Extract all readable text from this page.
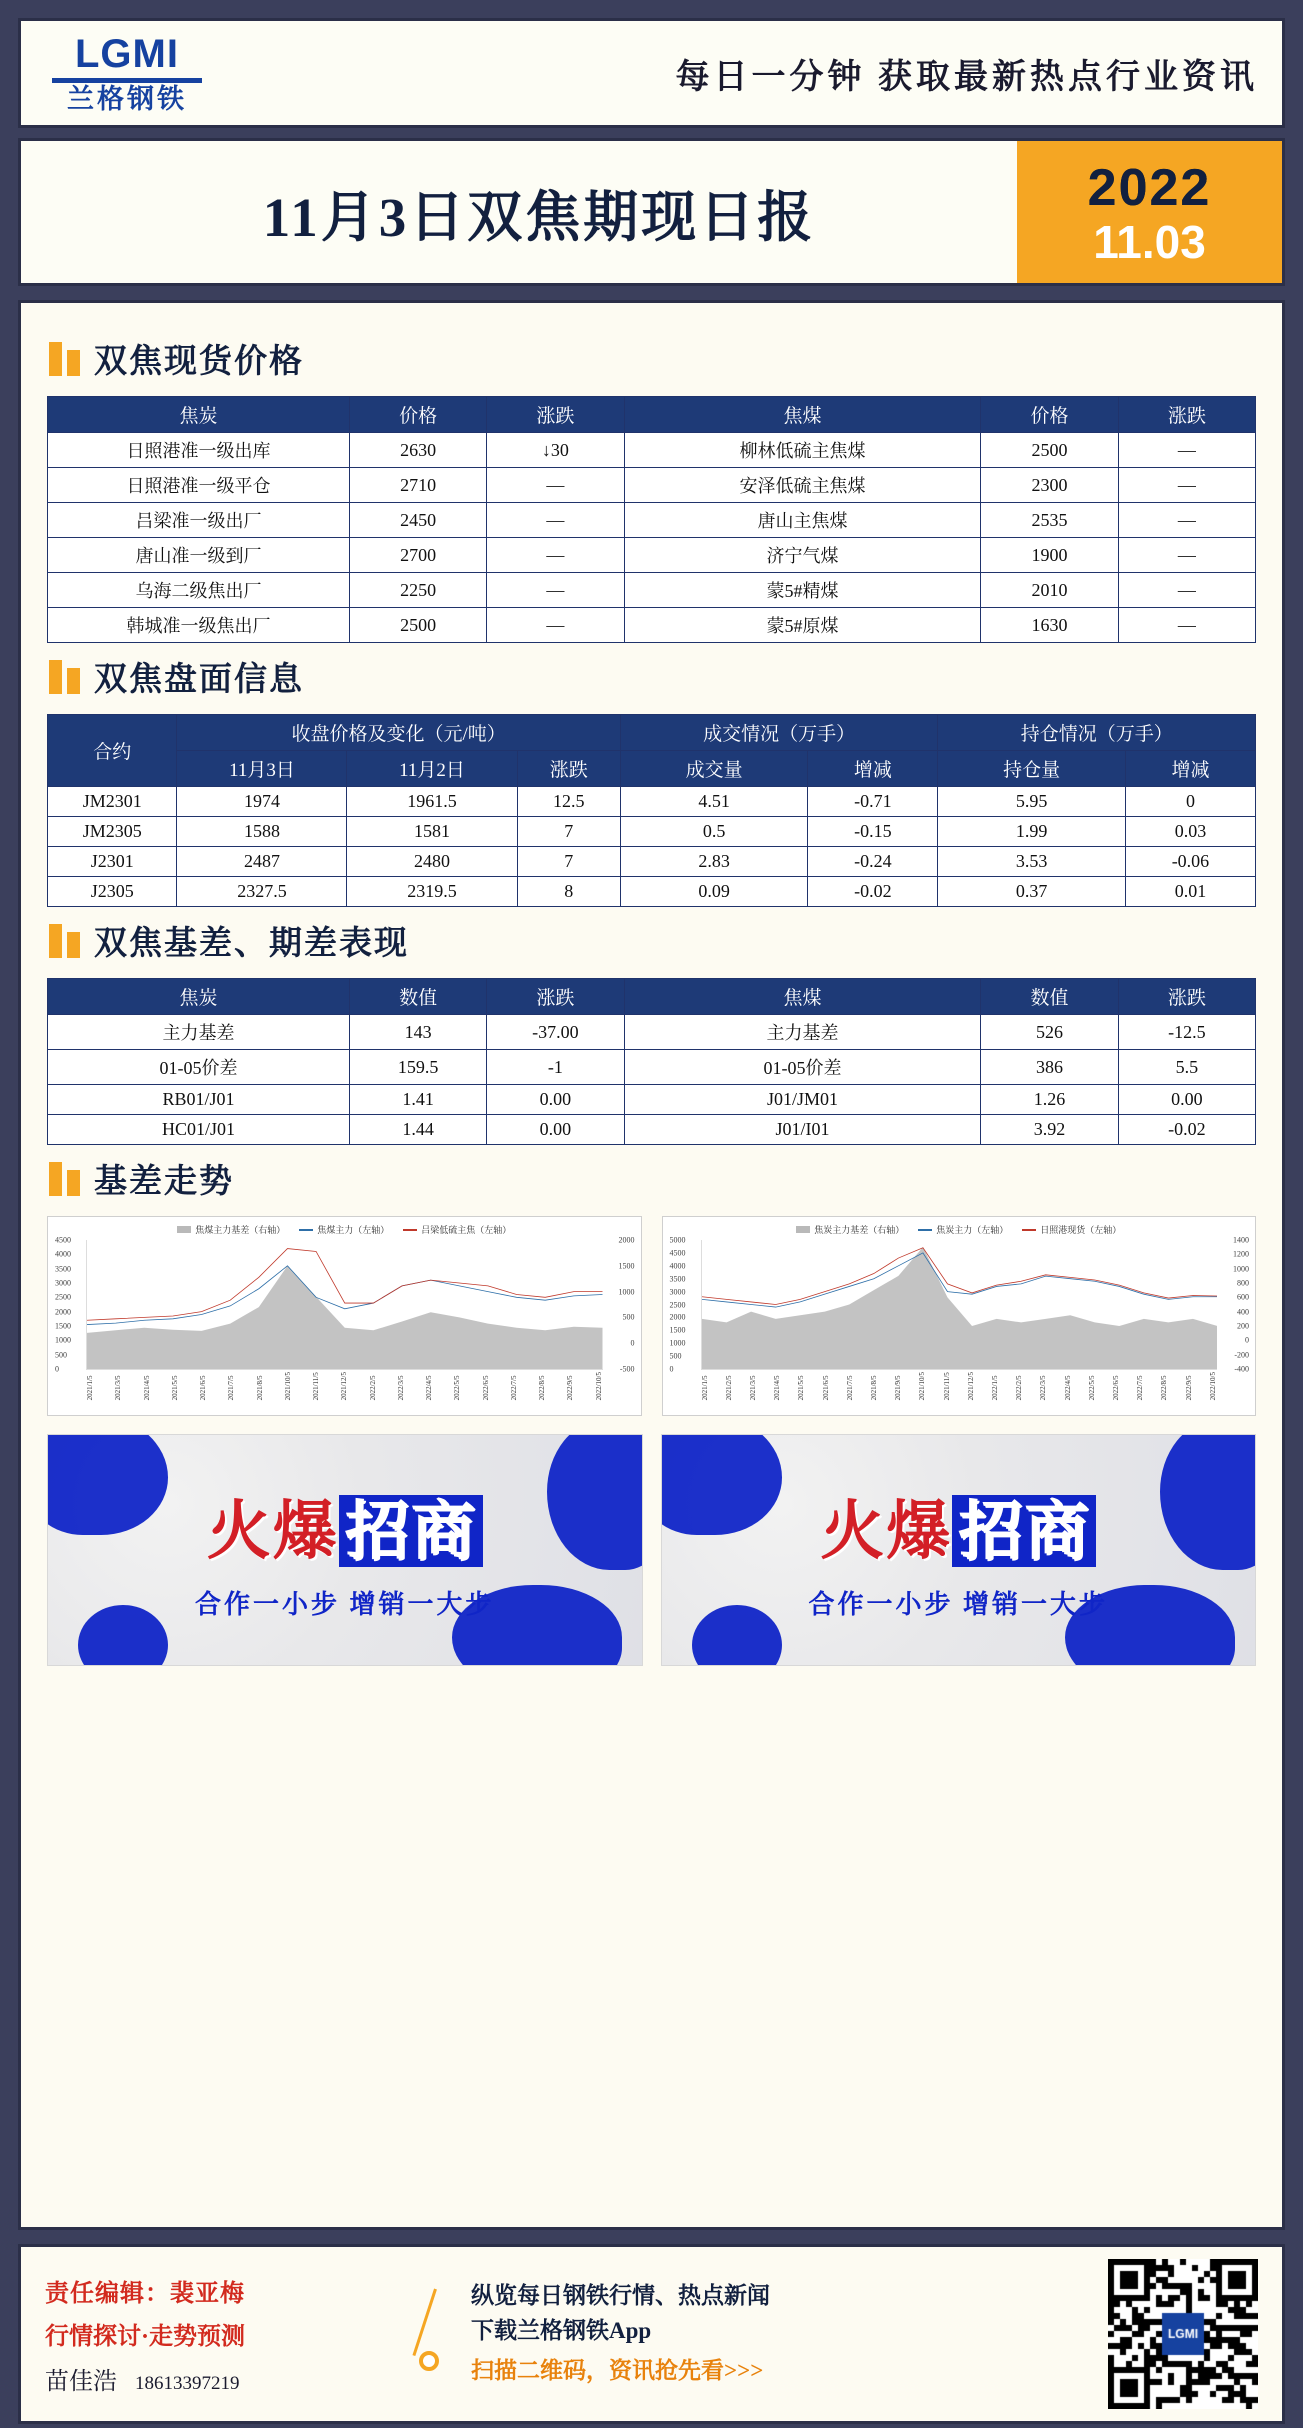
LGMI
兰格钢铁
每日一分钟 获取最新热点行业资讯
11月3日双焦期现日报	2022
11.03
双焦现货价格
焦炭	价格	涨跌	焦煤	价格	涨跌
日照港准一级出库	2630	↓30	柳林低硫主焦煤	2500	—
日照港准一级平仓	2710	—	安泽低硫主焦煤	2300	—
吕梁准一级出厂	2450	—	唐山主焦煤	2535	—
唐山准一级到厂	2700	—	济宁气煤	1900	—
乌海二级焦出厂	2250	—	蒙5#精煤	2010	—
韩城准一级焦出厂	2500	—	蒙5#原煤	1630	—
双焦盘面信息
合约	收盘价格及变化（元/吨）			成交情况（万手）		持仓情况（万手）	
	11月3日	11月2日	涨跌	成交量	增减	持仓量	增减
JM2301	1974	1961.5	12.5	4.51	-0.71	5.95	0
JM2305	1588	1581	7	0.5	-0.15	1.99	0.03
J2301	2487	2480	7	2.83	-0.24	3.53	-0.06
J2305	2327.5	2319.5	8	0.09	-0.02	0.37	0.01
双焦基差、期差表现
焦炭	数值	涨跌	焦煤	数值	涨跌
主力基差	143	-37.00	主力基差	526	-12.5
01-05价差	159.5	-1	01-05价差	386	5.5
RB01/J01	1.41	0.00	J01/JM01	1.26	0.00
HC01/J01	1.44	0.00	J01/I01	3.92	-0.02
基差走势
焦煤主力基差（右轴）	焦煤主力（左轴）	吕梁低硫主焦（左轴）
4500
4000
3500
3000
2500
2000
1500
1000
500
0
2000
1500
1000
500
0
-500
2021/1/5	2021/3/5	2021/4/5	2021/5/5	2021/6/5	2021/7/5	2021/8/5	2021/10/5	2021/11/5	2021/12/5	2022/2/5	2022/3/5	2022/4/5	2022/5/5	2022/6/5	2022/7/5	2022/8/5	2022/9/5	2022/10/5
焦炭主力基差（右轴）	焦炭主力（左轴）	日照港现货（左轴）
5000
4500
4000
3500
3000
2500
2000
1500
1000
500
0
1400
1200
1000
800
600
400
200
0
-200
-400
2021/1/5 2021/2/5 2021/3/5 2021/4/5 2021/5/5 2021/6/5 2021/7/5 2021/8/5 2021/9/5 2021/10/5 2021/11/5 2021/12/5 2022/1/5 2022/2/5 2022/3/5 2022/4/5 2022/5/5 2022/6/5 2022/7/5 2022/8/5 2022/9/5 2022/10/5
火爆招商
合作一小步 增销一大步
火爆招商
合作一小步 增销一大步
责任编辑：裴亚梅
行情探讨·走势预测
苗佳浩 18613397219
纵览每日钢铁行情、热点新闻
下载兰格钢铁App
扫描二维码，资讯抢先看>>>
